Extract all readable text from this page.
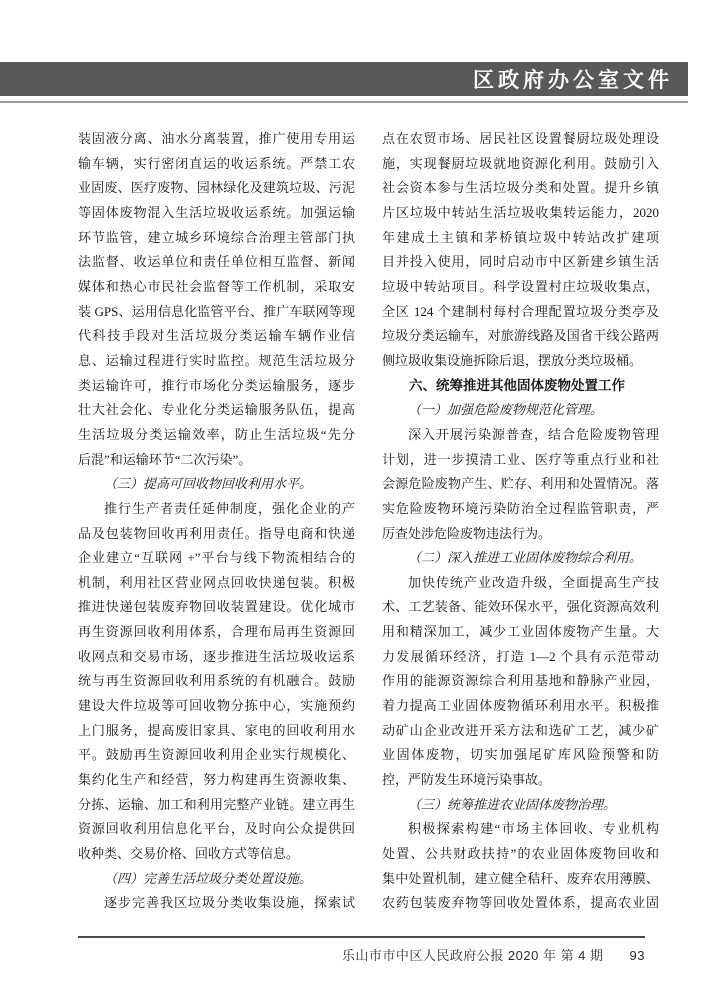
区政府办公室文件
装固液分离、油水分离装置，推广使用专用运
输车辆，实行密闭直运的收运系统。严禁工农
业固废、医疗废物、园林绿化及建筑垃圾、污泥
等固体废物混入生活垃圾收运系统。加强运输
环节监管，建立城乡环境综合治理主管部门执
法监督、收运单位和责任单位相互监督、新闻
媒体和热心市民社会监督等工作机制，采取安
装 GPS、运用信息化监管平台、推广车联网等现
代科技手段对生活垃圾分类运输车辆作业信
息、运输过程进行实时监控。规范生活垃圾分
类运输许可，推行市场化分类运输服务，逐步
壮大社会化、专业化分类运输服务队伍，提高
生活垃圾分类运输效率，防止生活垃圾“先分
后混”和运输环节“二次污染”。
（三）提高可回收物回收利用水平。
推行生产者责任延伸制度，强化企业的产
品及包装物回收再利用责任。指导电商和快递
企业建立“互联网 +”平台与线下物流相结合的
机制，利用社区营业网点回收快递包装。积极
推进快递包装废弃物回收装置建设。优化城市
再生资源回收利用体系，合理布局再生资源回
收网点和交易市场，逐步推进生活垃圾收运系
统与再生资源回收利用系统的有机融合。鼓励
建设大件垃圾等可回收物分拣中心，实施预约
上门服务，提高废旧家具、家电的回收利用水
平。鼓励再生资源回收利用企业实行规模化、
集约化生产和经营，努力构建再生资源收集、
分拣、运输、加工和利用完整产业链。建立再生
资源回收利用信息化平台，及时向公众提供回
收种类、交易价格、回收方式等信息。
（四）完善生活垃圾分类处置设施。
逐步完善我区垃圾分类收集设施，探索试
点在农贸市场、居民社区设置餐厨垃圾处理设
施，实现餐厨垃圾就地资源化利用。鼓励引入
社会资本参与生活垃圾分类和处置。提升乡镇
片区垃圾中转站生活垃圾收集转运能力，2020
年建成土主镇和茅桥镇垃圾中转站改扩建项
目并投入使用，同时启动市中区新建乡镇生活
垃圾中转站项目。科学设置村庄垃圾收集点，
全区 124 个建制村每村合理配置垃圾分类亭及
垃圾分类运输车，对旅游线路及国省干线公路两
侧垃圾收集设施拆除后退，摆放分类垃圾桶。
六、统筹推进其他固体废物处置工作
（一）加强危险废物规范化管理。
深入开展污染源普查，结合危险废物管理
计划，进一步摸清工业、医疗等重点行业和社
会源危险废物产生、贮存、利用和处置情况。落
实危险废物环境污染防治全过程监管职责，严
厉查处涉危险废物违法行为。
（二）深入推进工业固体废物综合利用。
加快传统产业改造升级，全面提高生产技
术、工艺装备、能效环保水平，强化资源高效利
用和精深加工，减少工业固体废物产生量。大
力发展循环经济，打造 1—2 个具有示范带动
作用的能源资源综合利用基地和静脉产业园，
着力提高工业固体废物循环利用水平。积极推
动矿山企业改进开采方法和选矿工艺，减少矿
业固体废物，切实加强尾矿库风险预警和防
控，严防发生环境污染事故。
（三）统筹推进农业固体废物治理。
积极探索构建“市场主体回收、专业机构
处置、公共财政扶持”的农业固体废物回收和
集中处置机制，建立健全秸秆、废弃农用薄膜、
农药包装废弃物等回收处置体系，提高农业固
乐山市市中区人民政府公报 2020 年 第 4 期 93
